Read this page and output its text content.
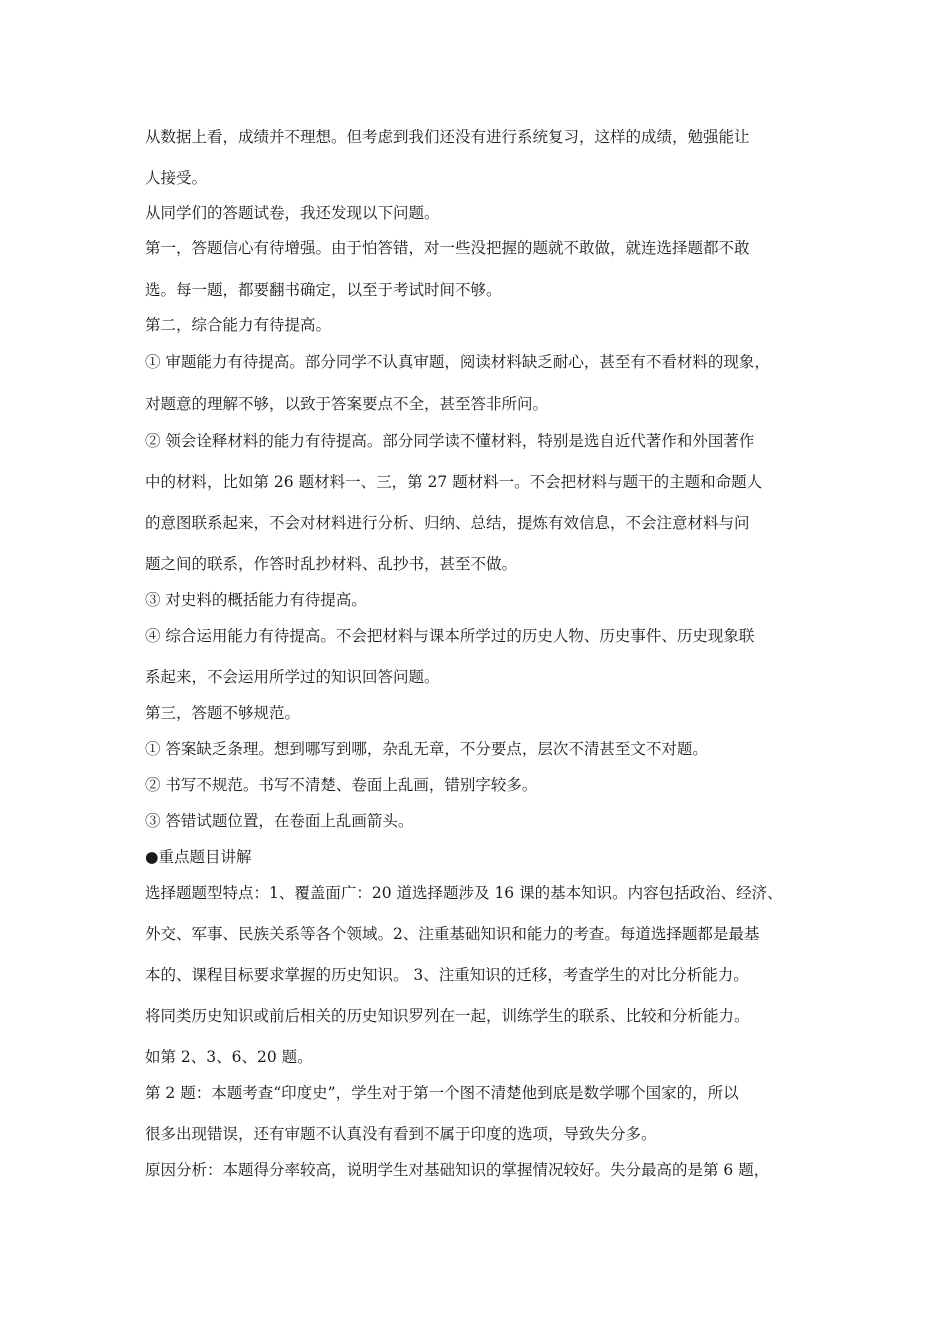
从数据上看，成绩并不理想。但考虑到我们还没有进行系统复习，这样的成绩，勉强能让
人接受。
从同学们的答题试卷，我还发现以下问题。
第一，答题信心有待增强。由于怕答错，对一些没把握的题就不敢做，就连选择题都不敢
选。每一题，都要翻书确定，以至于考试时间不够。
第二，综合能力有待提高。
① 审题能力有待提高。部分同学不认真审题，阅读材料缺乏耐心，甚至有不看材料的现象，
对题意的理解不够，以致于答案要点不全，甚至答非所问。
② 领会诠释材料的能力有待提高。部分同学读不懂材料，特别是选自近代著作和外国著作
中的材料，比如第 26 题材料一、三，第 27 题材料一。不会把材料与题干的主题和命题人
的意图联系起来，不会对材料进行分析、归纳、总结，提炼有效信息，不会注意材料与问
题之间的联系，作答时乱抄材料、乱抄书，甚至不做。
③ 对史料的概括能力有待提高。
④ 综合运用能力有待提高。不会把材料与课本所学过的历史人物、历史事件、历史现象联
系起来，不会运用所学过的知识回答问题。
第三，答题不够规范。
① 答案缺乏条理。想到哪写到哪，杂乱无章，不分要点，层次不清甚至文不对题。
② 书写不规范。书写不清楚、卷面上乱画，错别字较多。
③ 答错试题位置，在卷面上乱画箭头。
●重点题目讲解
选择题题型特点：1、覆盖面广：20 道选择题涉及 16 课的基本知识。内容包括政治、经济、
外交、军事、民族关系等各个领域。2、注重基础知识和能力的考查。每道选择题都是最基
本的、课程目标要求掌握的历史知识。 3、注重知识的迁移，考查学生的对比分析能力。
将同类历史知识或前后相关的历史知识罗列在一起，训练学生的联系、比较和分析能力。
如第 2、3、6、20 题。
第 2 题：本题考查“印度史”，学生对于第一个图不清楚他到底是数学哪个国家的，所以
很多出现错误，还有审题不认真没有看到不属于印度的选项，导致失分多。
原因分析：本题得分率较高，说明学生对基础知识的掌握情况较好。失分最高的是第 6 题，
